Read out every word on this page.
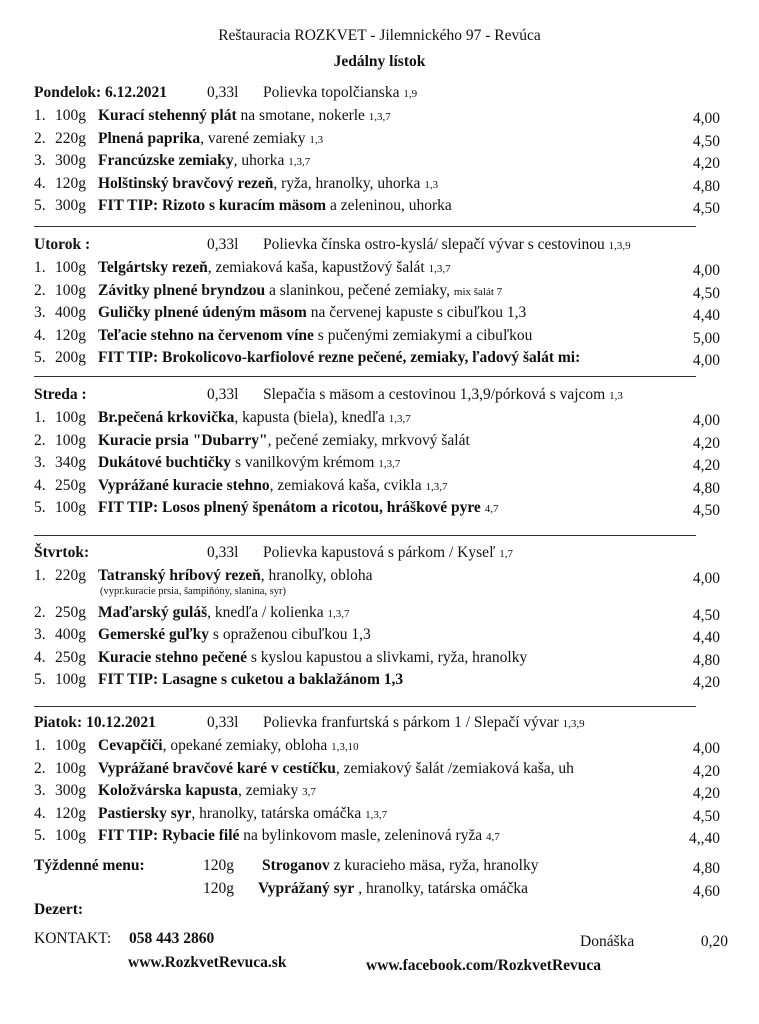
Reštauracia ROZKVET - Jilemnického 97 - Revúca
Jedálny lístok
Pondelok: 6.12.2021	0,33l Polievka topolčianska 1,9
1. 100g Kurací stehenný plát na smotane, nokerle 1,3,7	4,00
2. 220g Plnená paprika, varené zemiaky 1,3	4,50
3. 300g Francúzske zemiaky, uhorka 1,3,7	4,20
4. 120g Holštinský bravčový rezeň, ryža, hranolky, uhorka 1,3	4,80
5. 300g FIT TIP: Rizoto s kuracím mäsom a zeleninou, uhorka	4,50
Utorok :	0,33l Polievka čínska ostro-kyslá/ slepačí vývar s cestovinou 1,3,9
1. 100g Telgártsky rezeň, zemiaková kaša, kapustžový šalát 1,3,7	4,00
2. 100g Závitky plnené bryndzou a slaninkou, pečené zemiaky, mix šalát 7	4,50
3. 400g Guličky plnené údeným mäsom na červenej kapuste s cibuľkou 1,3	4,40
4. 120g Teľacie stehno na červenom víne s pučenými zemiakymi a cibuľkou	5,00
5. 200g FIT TIP: Brokolicovo-karfiolové rezne pečené, zemiaky, ľadový šalát mi:	4,00
Streda :	0,33l Slepačia s mäsom a cestovinou 1,3,9/pórková s vajcom 1,3
1. 100g Br.pečená krkovička, kapusta (biela), knedľa 1,3,7	4,00
2. 100g Kuracie prsia "Dubarry", pečené zemiaky, mrkvový šalát	4,20
3. 340g Dukátové buchtičky s vanilkovým krémom 1,3,7	4,20
4. 250g Vyprážané kuracie stehno, zemiaková kaša, cvikla 1,3,7	4,80
5. 100g FIT TIP: Losos plnený špenátom a ricotou, hráškové pyre 4,7	4,50
Štvrtok:	0,33l Polievka kapustová s párkom / Kyseľ 1,7
1. 220g Tatranský hríbový rezeň, hranolky, obloha	4,00
(vypr.kuracie prsia, šampiňóny, slanina, syr)
2. 250g Maďarský guláš, knedľa / kolienka 1,3,7	4,50
3. 400g Gemerské guľky s opraženou cibuľkou 1,3	4,40
4. 250g Kuracie stehno pečené s kyslou kapustou a slivkami, ryža, hranolky	4,80
5. 100g FIT TIP: Lasagne s cuketou a baklažánom 1,3	4,20
Piatok: 10.12.2021	0,33l Polievka franfurtská s párkom 1 / Slepačí vývar 1,3,9
1. 100g Cevapčiči, opekané zemiaky, obloha 1,3,10	4,00
2. 100g Vyprážané bravčové karé v cestíčku, zemiakový šalát /zemiaková kaša, uh	4,20
3. 300g Koložvárska kapusta, zemiaky 3,7	4,20
4. 120g Pastiersky syr, hranolky, tatárska omáčka 1,3,7	4,50
5. 100g FIT TIP: Rybacie filé na bylinkovom masle, zeleninová ryža 4,7	4,,40
Týždenné menu:	120g Stroganov z kuracieho mäsa, ryža, hranolky	4,80
120g Vyprážaný syr , hranolky, tatárska omáčka	4,60
Dezert:
KONTAKT: 058 443 2860	Donáška	0,20
www.RozkvetRevuca.sk	www.facebook.com/RozkvetRevuca
